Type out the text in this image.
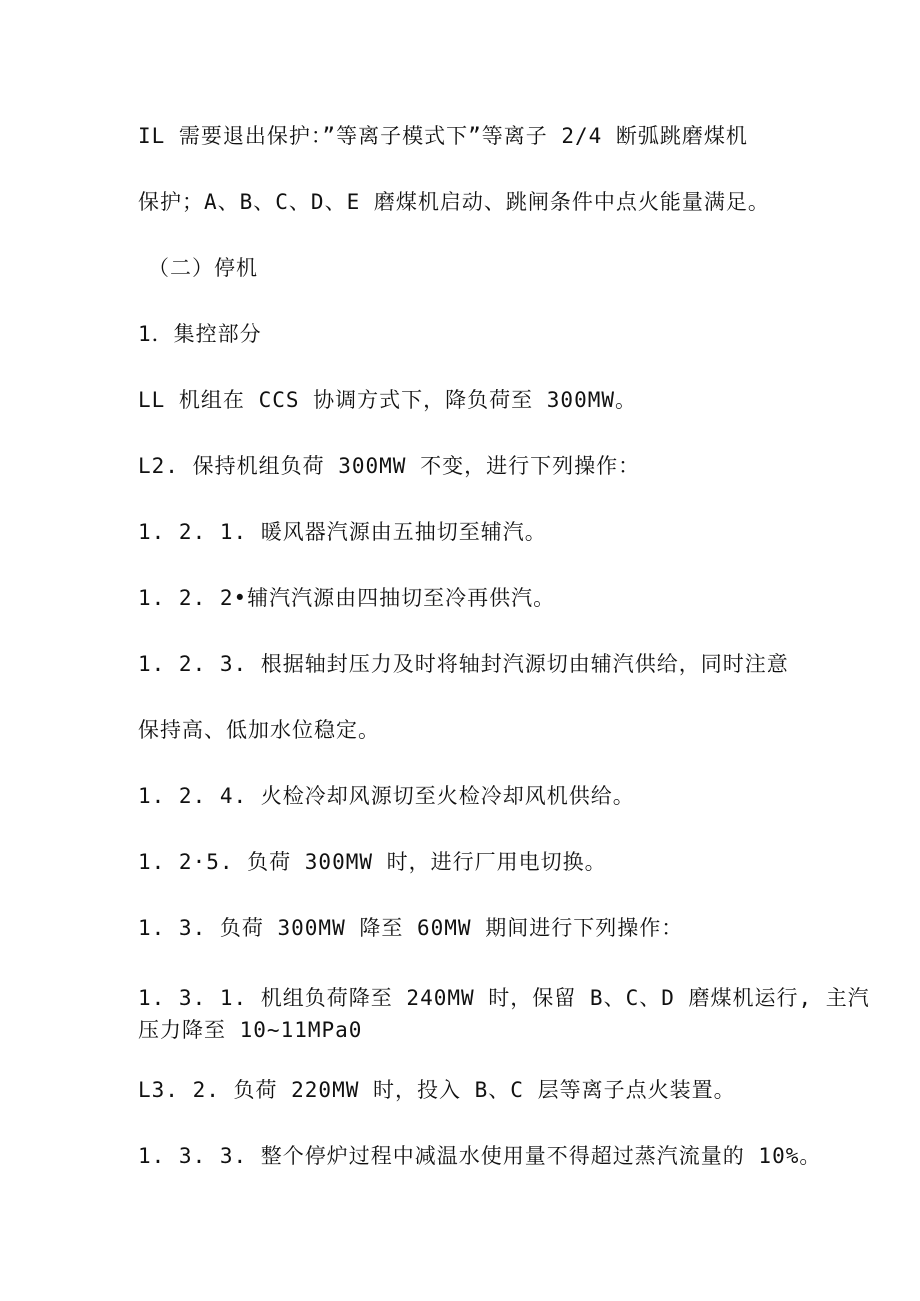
IL 需要退出保护：”等离子模式下”等离子 2/4 断弧跳磨煤机
保护；A、B、C、D、E 磨煤机启动、跳闸条件中点火能量满足。
（二）停机
1．集控部分
LL 机组在 CCS 协调方式下，降负荷至 300MW。
L2. 保持机组负荷 300MW 不变，进行下列操作：
1. 2. 1. 暖风器汽源由五抽切至辅汽。
1. 2. 2•辅汽汽源由四抽切至冷再供汽。
1. 2. 3. 根据轴封压力及时将轴封汽源切由辅汽供给，同时注意
保持高、低加水位稳定。
1. 2. 4. 火检冷却风源切至火检冷却风机供给。
1. 2·5. 负荷 300MW 时，进行厂用电切换。
1. 3. 负荷 300MW 降至 60MW 期间进行下列操作：
1. 3. 1. 机组负荷降至 240MW 时，保留 B、C、D 磨煤机运行, 主汽
压力降至 10~11MPa0
L3. 2. 负荷 220MW 时，投入 B、C 层等离子点火装置。
1. 3. 3. 整个停炉过程中减温水使用量不得超过蒸汽流量的 10%。
